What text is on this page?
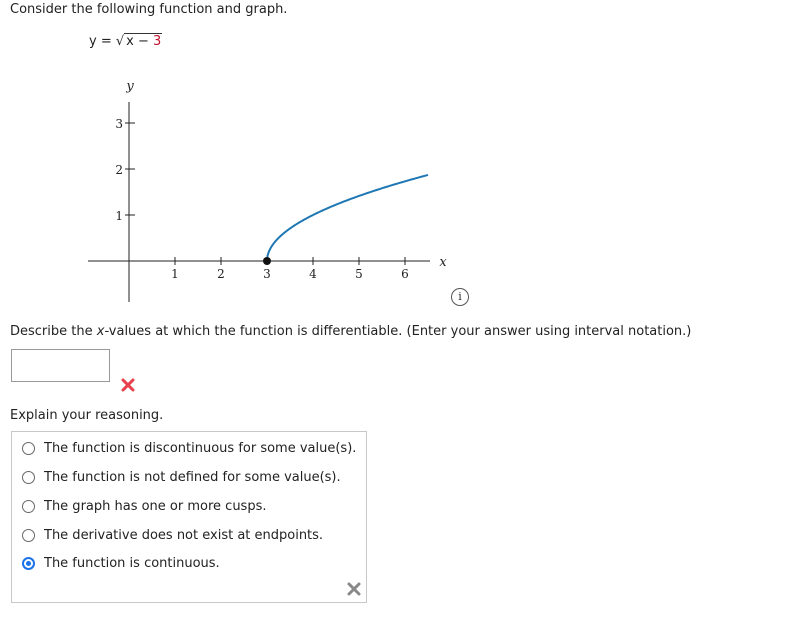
Consider the following function and graph.
y = √ x − 3
1	2	3	4	5	6
1
2
3
x
y
i
Describe the x-values at which the function is differentiable. (Enter your answer using interval notation.)
Explain your reasoning.
The function is discontinuous for some value(s).
The function is not defined for some value(s).
The graph has one or more cusps.
The derivative does not exist at endpoints.
The function is continuous.
